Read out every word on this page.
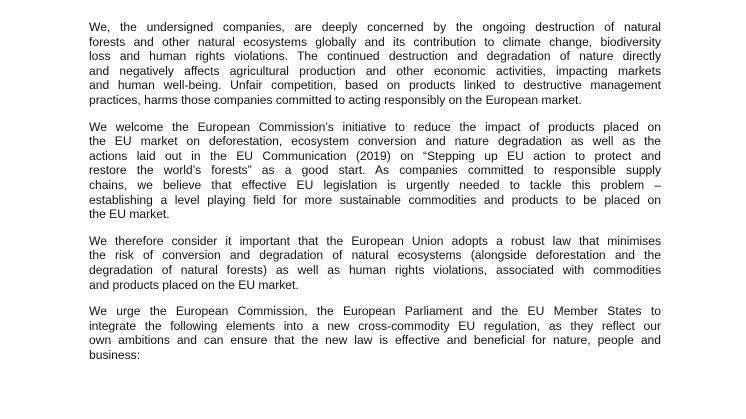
We, the undersigned companies, are deeply concerned by the ongoing destruction of natural
forests and other natural ecosystems globally and its contribution to climate change, biodiversity
loss and human rights violations. The continued destruction and degradation of nature directly
and negatively affects agricultural production and other economic activities, impacting markets
and human well-being. Unfair competition, based on products linked to destructive management
practices, harms those companies committed to acting responsibly on the European market.

We welcome the European Commission’s initiative to reduce the impact of products placed on
the EU market on deforestation, ecosystem conversion and nature degradation as well as the
actions laid out in the EU Communication (2019) on “Stepping up EU action to protect and
restore the world’s forests” as a good start. As companies committed to responsible supply
chains, we believe that effective EU legislation is urgently needed to tackle this problem –
establishing a level playing field for more sustainable commodities and products to be placed on
the EU market.

We therefore consider it important that the European Union adopts a robust law that minimises
the risk of conversion and degradation of natural ecosystems (alongside deforestation and the
degradation of natural forests) as well as human rights violations, associated with commodities
and products placed on the EU market.

We urge the European Commission, the European Parliament and the EU Member States to
integrate the following elements into a new cross-commodity EU regulation, as they reflect our
own ambitions and can ensure that the new law is effective and beneficial for nature, people and
business:
